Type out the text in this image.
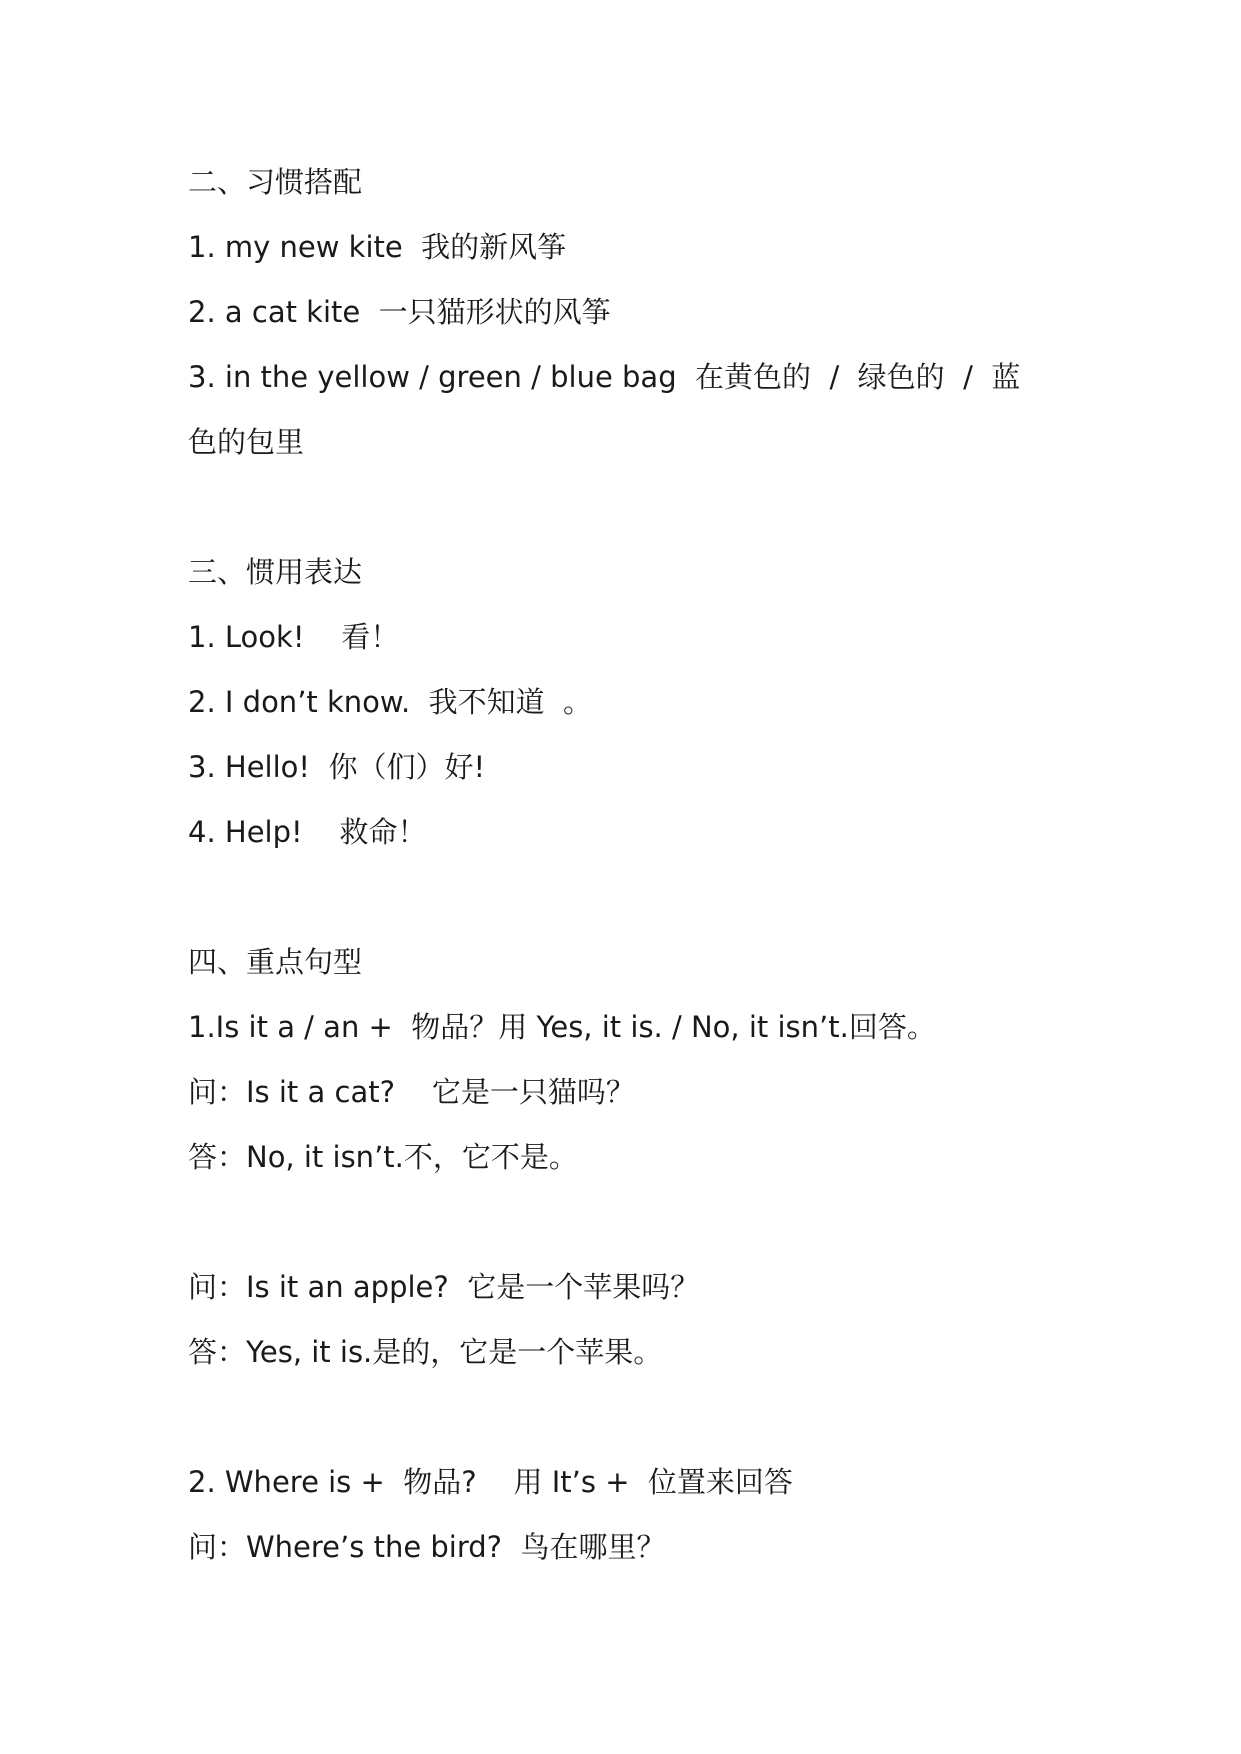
二、习惯搭配
1. my new kite  我的新风筝
2. a cat kite  一只猫形状的风筝
3. in the yellow / green / blue bag  在黄色的  /  绿色的  /  蓝
色的包里
三、惯用表达
1. Look!    看！
2. I don’t know.  我不知道  。
3. Hello!  你（们）好!
4. Help!    救命！
四、重点句型
1.Is it a / an +  物品？用 Yes, it is. / No, it isn’t.回答。
问：Is it a cat?    它是一只猫吗？
答：No, it isn’t.不，它不是。
问：Is it an apple?  它是一个苹果吗？
答：Yes, it is.是的，它是一个苹果。
2. Where is +  物品?    用 It’s +  位置来回答
问：Where’s the bird?  鸟在哪里？
